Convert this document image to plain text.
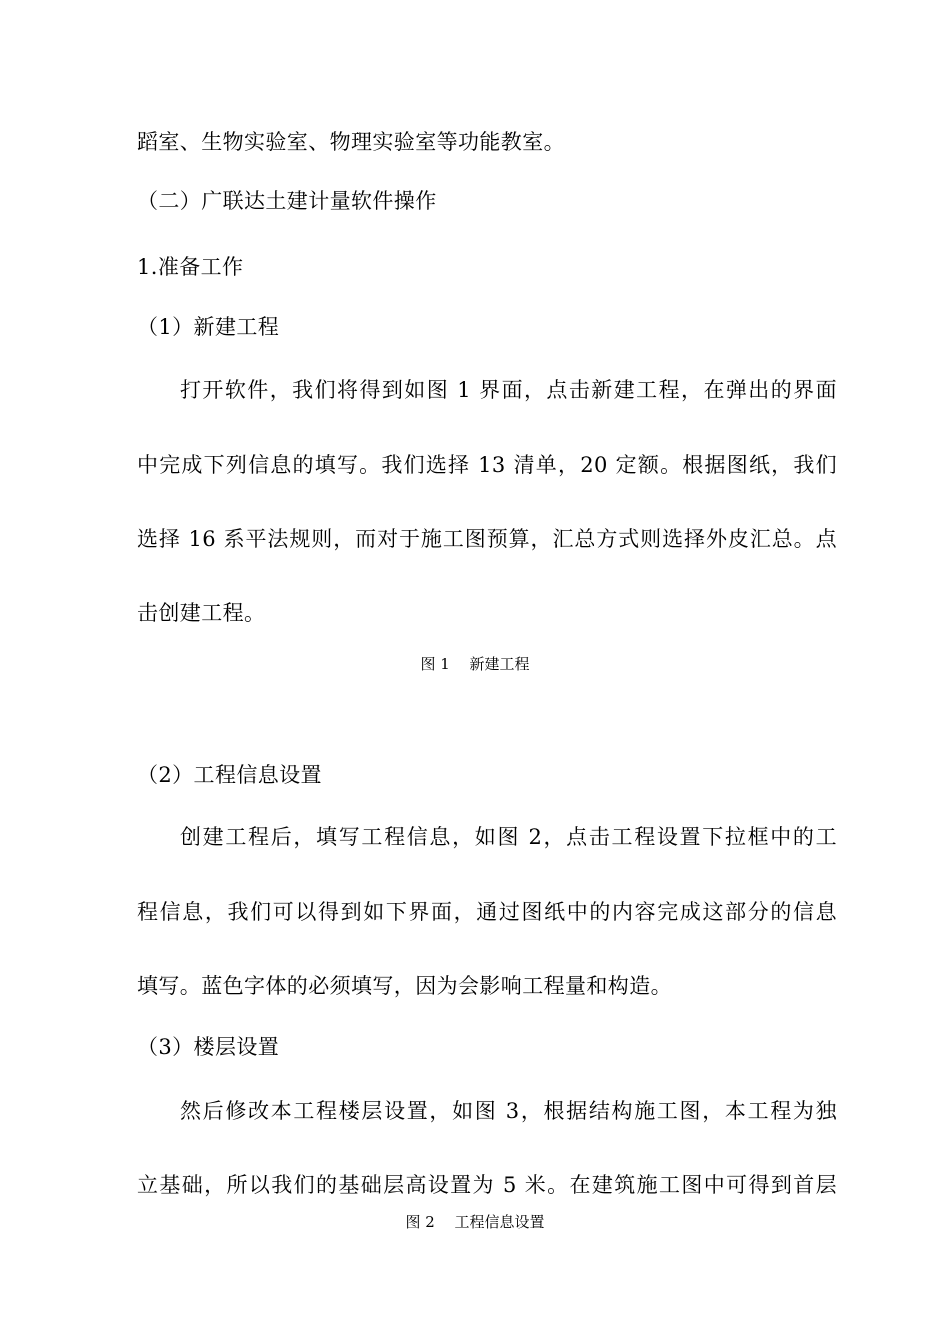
蹈室、生物实验室、物理实验室等功能教室。
（二）广联达土建计量软件操作
1.准备工作
（1）新建工程
打开软件，我们将得到如图 1 界面，点击新建工程，在弹出的界面
中完成下列信息的填写。我们选择 13 清单，20 定额。根据图纸，我们
选择 16 系平法规则，而对于施工图预算，汇总方式则选择外皮汇总。点
击创建工程。
图 1　 新建工程
（2）工程信息设置
创建工程后，填写工程信息，如图 2，点击工程设置下拉框中的工
程信息，我们可以得到如下界面，通过图纸中的内容完成这部分的信息
填写。蓝色字体的必须填写，因为会影响工程量和构造。
（3）楼层设置
然后修改本工程楼层设置，如图 3，根据结构施工图，本工程为独
立基础，所以我们的基础层高设置为 5 米。在建筑施工图中可得到首层
图 2　 工程信息设置
